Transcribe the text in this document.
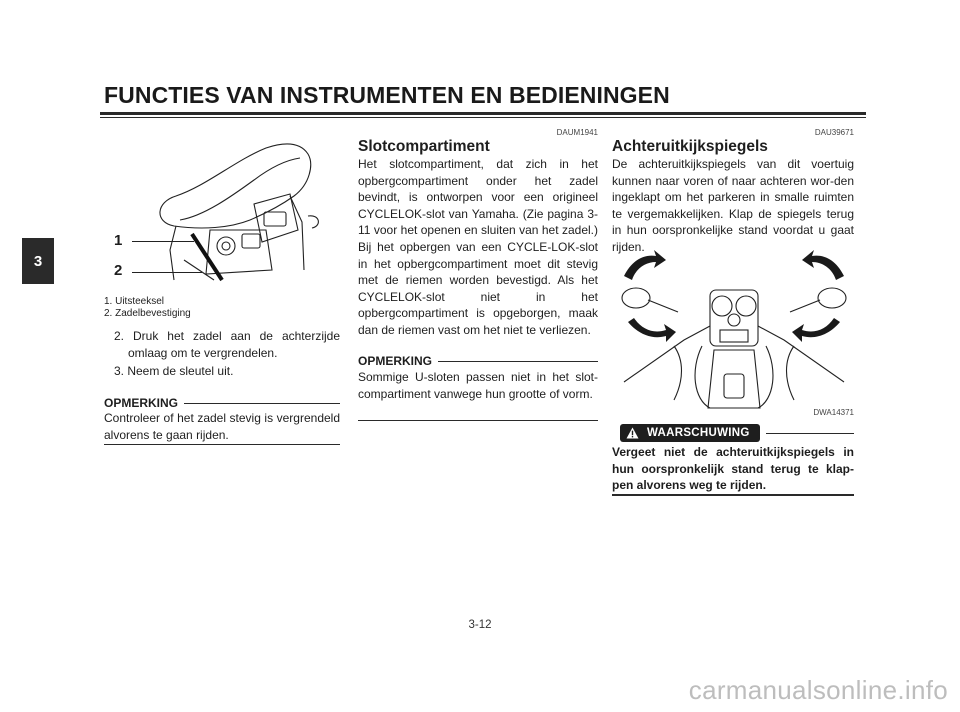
FUNCTIES VAN INSTRUMENTEN EN BEDIENINGEN
3
1
2

1. Uitsteeksel

2. Zadelbevestiging

2. Druk het zadel aan de achterzijde
omlaag om te vergrendelen.
3. Neem de sleutel uit.
OPMERKING

Controleer of het zadel stevig is vergrendeld alvorens te gaan rijden.

DAUM1941
Slotcompartiment

Het slotcompartiment, dat zich in het opbergcompartiment onder het zadel bevindt, is ontworpen voor een origineel CYCLELOK-slot van Yamaha. (Zie pagina 3-11 voor het openen en sluiten van het zadel.) Bij het opbergen van een CYCLE-LOK-slot in het opbergcompartiment moet dit stevig met de riemen worden bevestigd. Als het CYCLELOK-slot niet in het opbergcompartiment is opgeborgen, maak dan de riemen vast om het niet te verliezen.

OPMERKING

Sommige U-sloten passen niet in het slot-compartiment vanwege hun grootte of vorm.

DAU39671
Achteruitkijkspiegels

De achteruitkijkspiegels van dit voertuig kunnen naar voren of naar achteren wor-den ingeklapt om het parkeren in smalle ruimten te vergemakkelijken. Klap de spiegels terug in hun oorspronkelijke stand voordat u gaat rijden.

DWA14371
WAARSCHUWING

Vergeet niet de achteruitkijkspiegels in hun oorspronkelijk stand terug te klap-pen alvorens weg te rijden.

3-12
carmanualsonline.info
